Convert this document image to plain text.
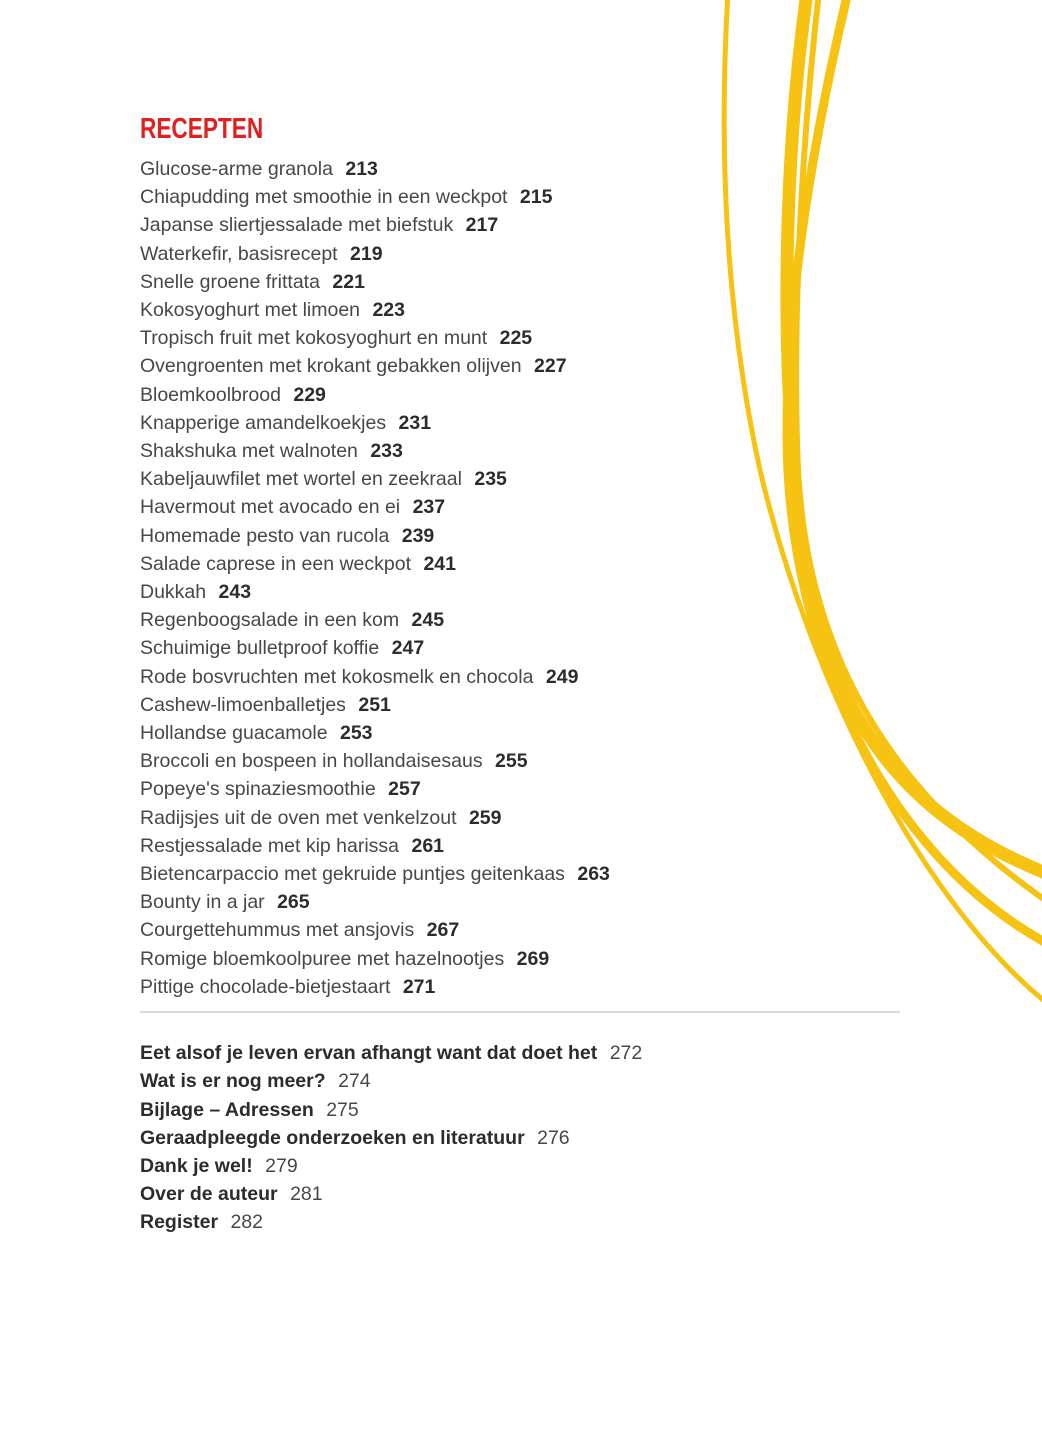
RECEPTEN
Glucose-arme granola 213
Chiapudding met smoothie in een weckpot 215
Japanse sliertjessalade met biefstuk 217
Waterkefir, basisrecept 219
Snelle groene frittata 221
Kokosyoghurt met limoen 223
Tropisch fruit met kokosyoghurt en munt 225
Ovengroenten met krokant gebakken olijven 227
Bloemkoolbrood 229
Knapperige amandelkoekjes 231
Shakshuka met walnoten 233
Kabeljauwfilet met wortel en zeekraal 235
Havermout met avocado en ei 237
Homemade pesto van rucola 239
Salade caprese in een weckpot 241
Dukkah 243
Regenboogsalade in een kom 245
Schuimige bulletproof koffie 247
Rode bosvruchten met kokosmelk en chocola 249
Cashew-limoenballetjes 251
Hollandse guacamole 253
Broccoli en bospeen in hollandaisesaus 255
Popeye's spinaziesmoothie 257
Radijsjes uit de oven met venkelzout 259
Restjessalade met kip harissa 261
Bietencarpaccio met gekruide puntjes geitenkaas 263
Bounty in a jar 265
Courgettehummus met ansjovis 267
Romige bloemkoolpuree met hazelnootjes 269
Pittige chocolade-bietjestaart 271
Eet alsof je leven ervan afhangt want dat doet het 272
Wat is er nog meer? 274
Bijlage – Adressen 275
Geraadpleegde onderzoeken en literatuur 276
Dank je wel! 279
Over de auteur 281
Register 282
